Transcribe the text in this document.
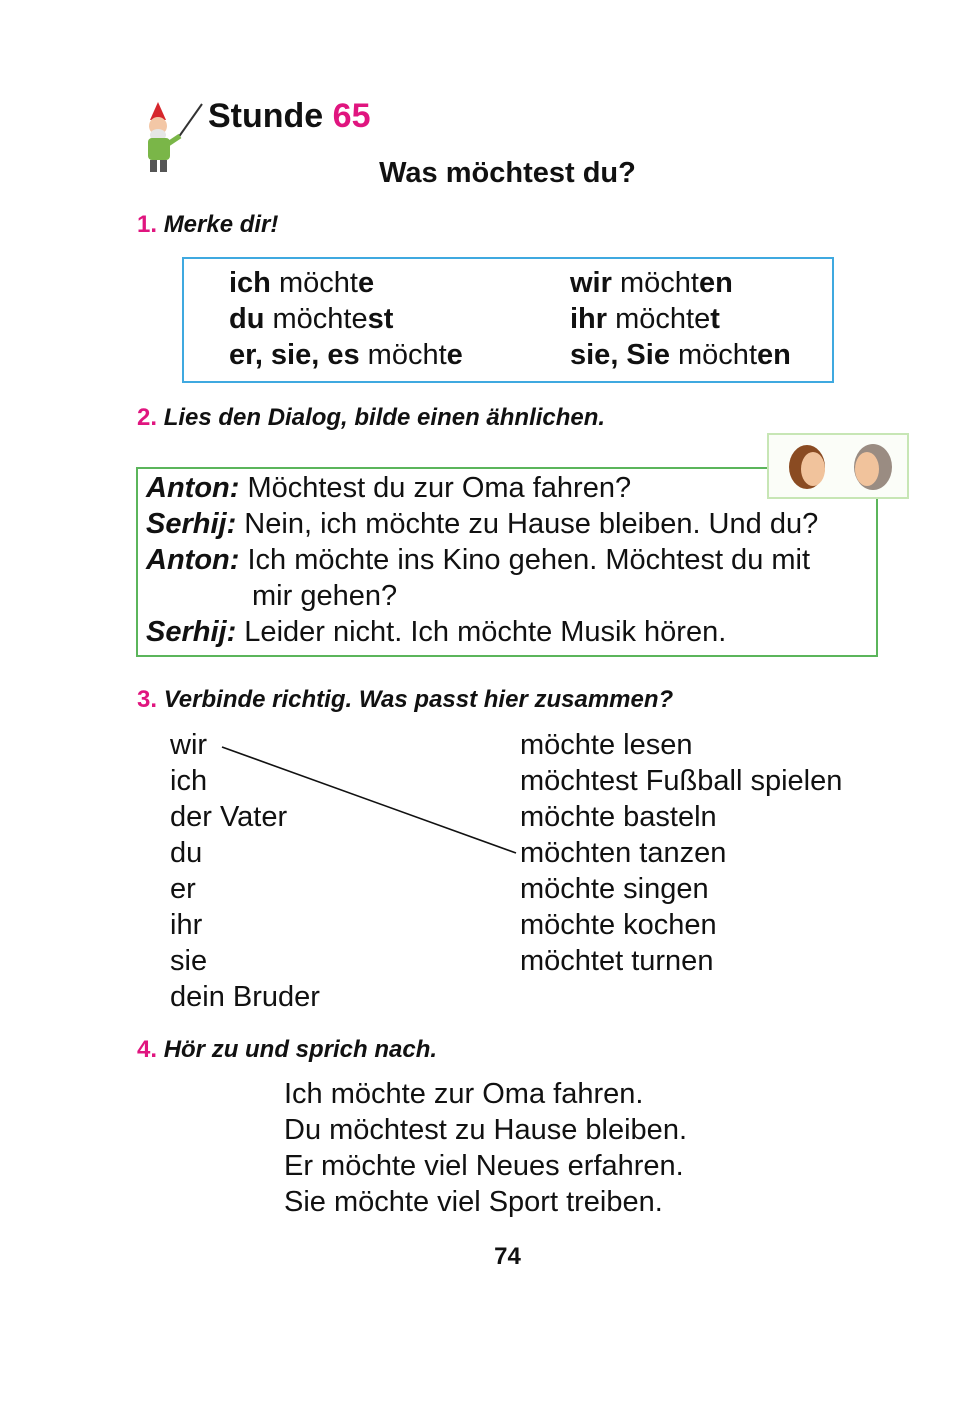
Stunde 65
Was möchtest du?
1. Merke dir!
ich möchte
du möchtest
er, sie, es möchte
wir möchten
ihr möchtet
sie, Sie möchten
2. Lies den Dialog, bilde einen ähnlichen.
Anton: Möchtest du zur Oma fahren?
Serhij: Nein, ich möchte zu Hause bleiben. Und du?
Anton: Ich möchte ins Kino gehen. Möchtest du mit
mir gehen?
Serhij: Leider nicht. Ich möchte Musik hören.
3. Verbinde richtig. Was passt hier zusammen?
wir
ich
der Vater
du
er
ihr
sie
dein Bruder
möchte lesen
möchtest Fußball spielen
möchte basteln
möchten tanzen
möchte singen
möchte kochen
möchtet turnen
4. Hör zu und sprich nach.
Ich möchte zur Oma fahren.
Du möchtest zu Hause bleiben.
Er möchte viel Neues erfahren.
Sie möchte viel Sport treiben.
74
